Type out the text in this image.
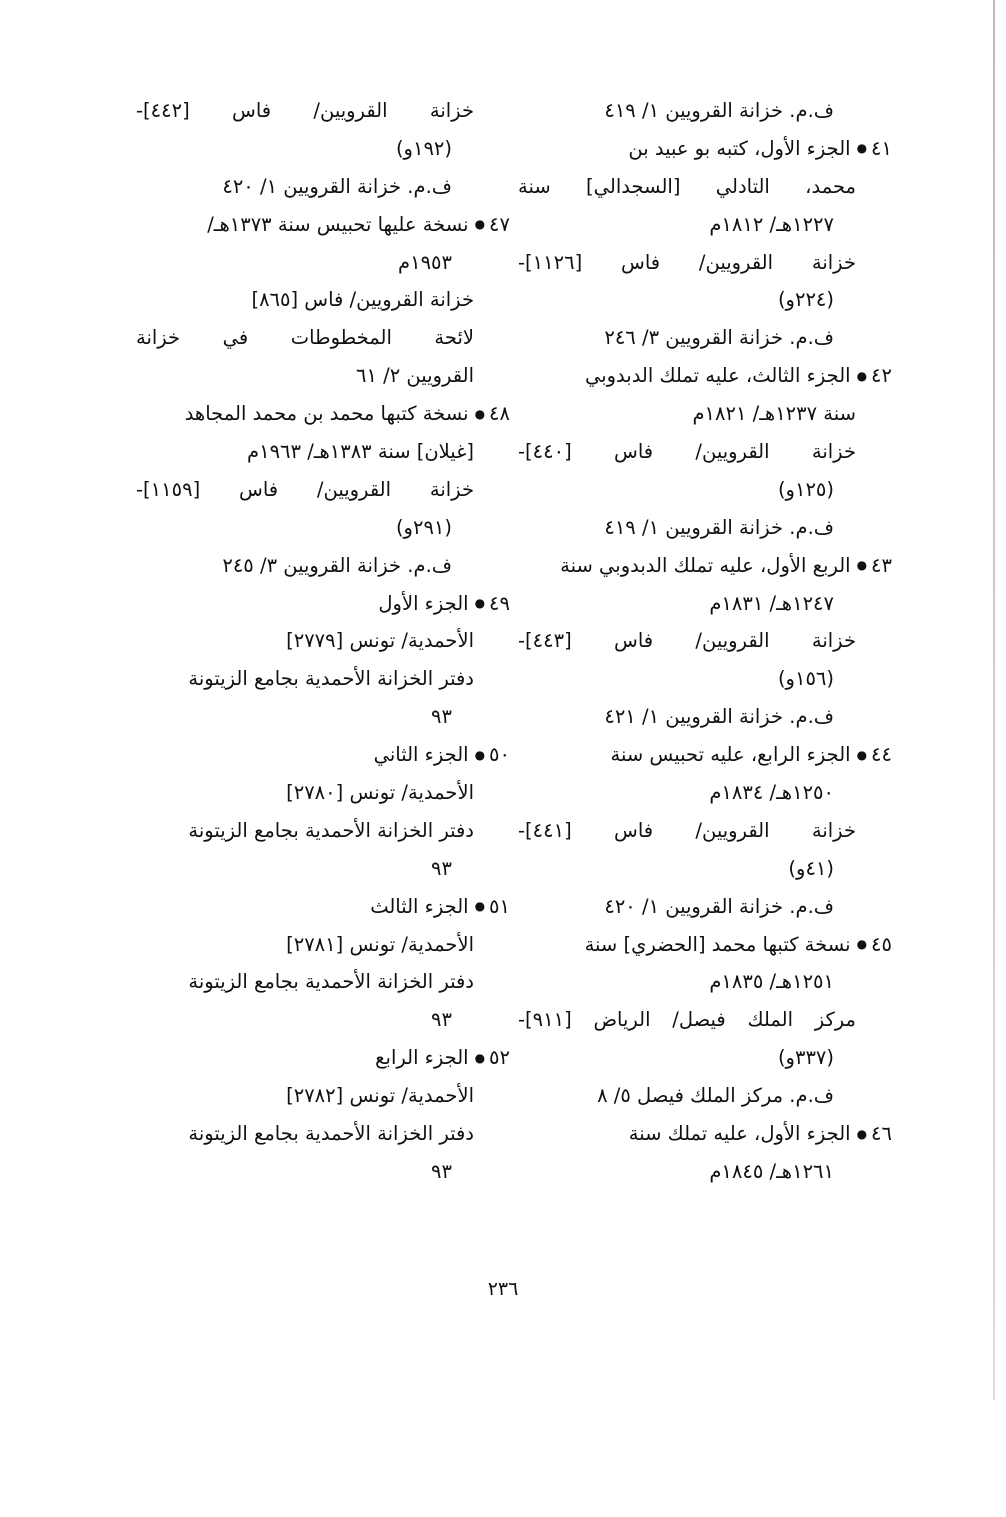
ف.م. خزانة القرويين ١/ ٤١٩
٤١●الجزء الأول، كتبه بو عبيد بن
محمد، التادلي [السجدالي] سنة
١٢٢٧هـ/ ١٨١٢م
خزانة القرويين/ فاس [١١٢٦]-
(٢٢٤و)
ف.م. خزانة القرويين ٣/ ٢٤٦
٤٢●الجزء الثالث، عليه تملك الدبدوبي
سنة ١٢٣٧هـ/ ١٨٢١م
خزانة القرويين/ فاس [٤٤٠]-
(١٢٥و)
ف.م. خزانة القرويين ١/ ٤١٩
٤٣●الربع الأول، عليه تملك الدبدوبي سنة
١٢٤٧هـ/ ١٨٣١م
خزانة القرويين/ فاس [٤٤٣]-
(١٥٦و)
ف.م. خزانة القرويين ١/ ٤٢١
٤٤●الجزء الرابع، عليه تحبيس سنة
١٢٥٠هـ/ ١٨٣٤م
خزانة القرويين/ فاس [٤٤١]-
(٤١و)
ف.م. خزانة القرويين ١/ ٤٢٠
٤٥●نسخة كتبها محمد [الحضري] سنة
١٢٥١هـ/ ١٨٣٥م
مركز الملك فيصل/ الرياض [٩١١]-
(٣٣٧و)
ف.م. مركز الملك فيصل ٥/ ٨
٤٦●الجزء الأول، عليه تملك سنة
١٢٦١هـ/ ١٨٤٥م
خزانة القرويين/ فاس [٤٤٢]-
(١٩٢و)
ف.م. خزانة القرويين ١/ ٤٢٠
٤٧●نسخة عليها تحبيس سنة ١٣٧٣هـ/
١٩٥٣م
خزانة القرويين/ فاس [٨٦٥]
لائحة المخطوطات في خزانة
القرويين ٢/ ٦١
٤٨●نسخة كتبها محمد بن محمد المجاهد
[غيلان] سنة ١٣٨٣هـ/ ١٩٦٣م
خزانة القرويين/ فاس [١١٥٩]-
(٢٩١و)
ف.م. خزانة القرويين ٣/ ٢٤٥
٤٩●الجزء الأول
الأحمدية/ تونس [٢٧٧٩]
دفتر الخزانة الأحمدية بجامع الزيتونة
٩٣
٥٠●الجزء الثاني
الأحمدية/ تونس [٢٧٨٠]
دفتر الخزانة الأحمدية بجامع الزيتونة
٩٣
٥١●الجزء الثالث
الأحمدية/ تونس [٢٧٨١]
دفتر الخزانة الأحمدية بجامع الزيتونة
٩٣
٥٢●الجزء الرابع
الأحمدية/ تونس [٢٧٨٢]
دفتر الخزانة الأحمدية بجامع الزيتونة
٩٣
٢٣٦
